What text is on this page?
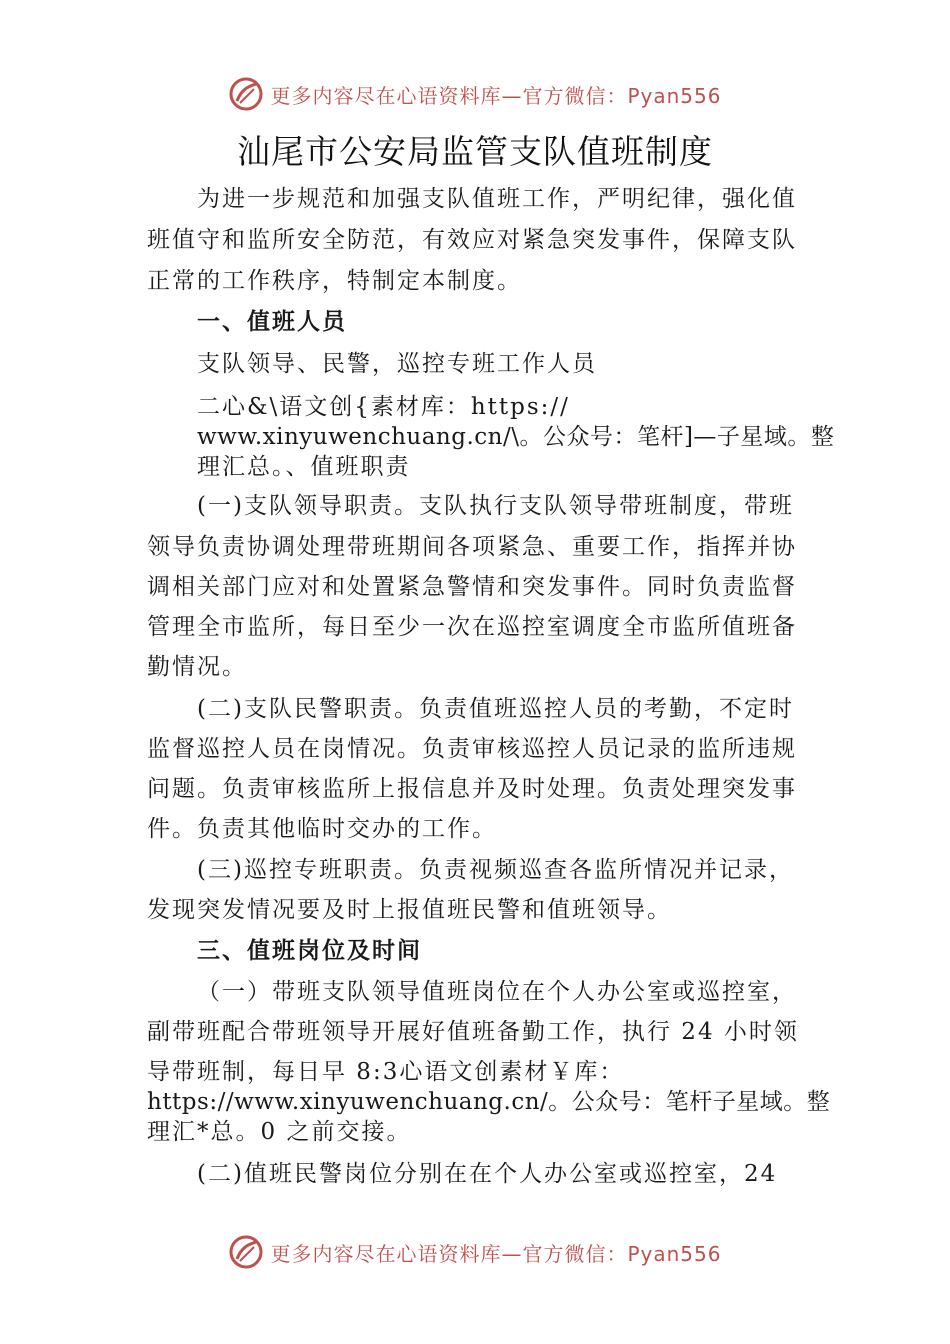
更多内容尽在心语资料库—官方微信：Pyan556
汕尾市公安局监管支队值班制度

为进一步规范和加强支队值班工作，严明纪律，强化值

班值守和监所安全防范，有效应对紧急突发事件，保障支队

正常的工作秩序，特制定本制度。

一、值班人员

支队领导、民警，巡控专班工作人员

二心&\语文创{素材库：https://

www.xinyuwenchuang.cn/\。公众号：笔杆]—子星域。整

理汇总。、值班职责

(一)支队领导职责。支队执行支队领导带班制度，带班

领导负责协调处理带班期间各项紧急、重要工作，指挥并协

调相关部门应对和处置紧急警情和突发事件。同时负责监督

管理全市监所，每日至少一次在巡控室调度全市监所值班备

勤情况。

(二)支队民警职责。负责值班巡控人员的考勤，不定时

监督巡控人员在岗情况。负责审核巡控人员记录的监所违规

问题。负责审核监所上报信息并及时处理。负责处理突发事

件。负责其他临时交办的工作。

(三)巡控专班职责。负责视频巡查各监所情况并记录，

发现突发情况要及时上报值班民警和值班领导。

三、值班岗位及时间

（一）带班支队领导值班岗位在个人办公室或巡控室，

副带班配合带班领导开展好值班备勤工作，执行 24 小时领

导带班制，每日早 8:3心语文创素材￥库：

https://www.xinyuwenchuang.cn/。公众号：笔杆子星域。整

理汇*总。0 之前交接。

(二)值班民警岗位分别在在个人办公室或巡控室，24

更多内容尽在心语资料库—官方微信：Pyan556
